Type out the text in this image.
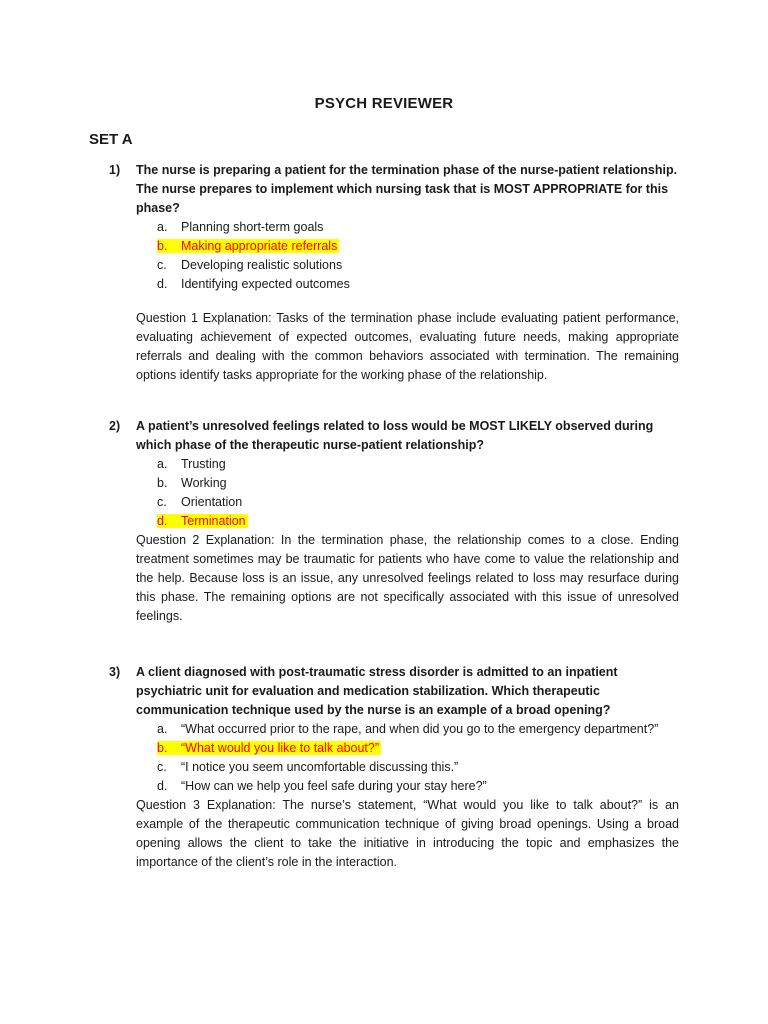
PSYCH REVIEWER
SET A
1) The nurse is preparing a patient for the termination phase of the nurse-patient relationship. The nurse prepares to implement which nursing task that is MOST APPROPRIATE for this phase?
a. Planning short-term goals
b. Making appropriate referrals
c. Developing realistic solutions
d. Identifying expected outcomes
Question 1 Explanation: Tasks of the termination phase include evaluating patient performance, evaluating achievement of expected outcomes, evaluating future needs, making appropriate referrals and dealing with the common behaviors associated with termination. The remaining options identify tasks appropriate for the working phase of the relationship.
2) A patient’s unresolved feelings related to loss would be MOST LIKELY observed during which phase of the therapeutic nurse-patient relationship?
a. Trusting
b. Working
c. Orientation
d. Termination
Question 2 Explanation: In the termination phase, the relationship comes to a close. Ending treatment sometimes may be traumatic for patients who have come to value the relationship and the help. Because loss is an issue, any unresolved feelings related to loss may resurface during this phase. The remaining options are not specifically associated with this issue of unresolved feelings.
3) A client diagnosed with post-traumatic stress disorder is admitted to an inpatient psychiatric unit for evaluation and medication stabilization. Which therapeutic communication technique used by the nurse is an example of a broad opening?
a. “What occurred prior to the rape, and when did you go to the emergency department?”
b. “What would you like to talk about?”
c. “I notice you seem uncomfortable discussing this.”
d. “How can we help you feel safe during your stay here?”
Question 3 Explanation: The nurse’s statement, “What would you like to talk about?” is an example of the therapeutic communication technique of giving broad openings. Using a broad opening allows the client to take the initiative in introducing the topic and emphasizes the importance of the client’s role in the interaction.
